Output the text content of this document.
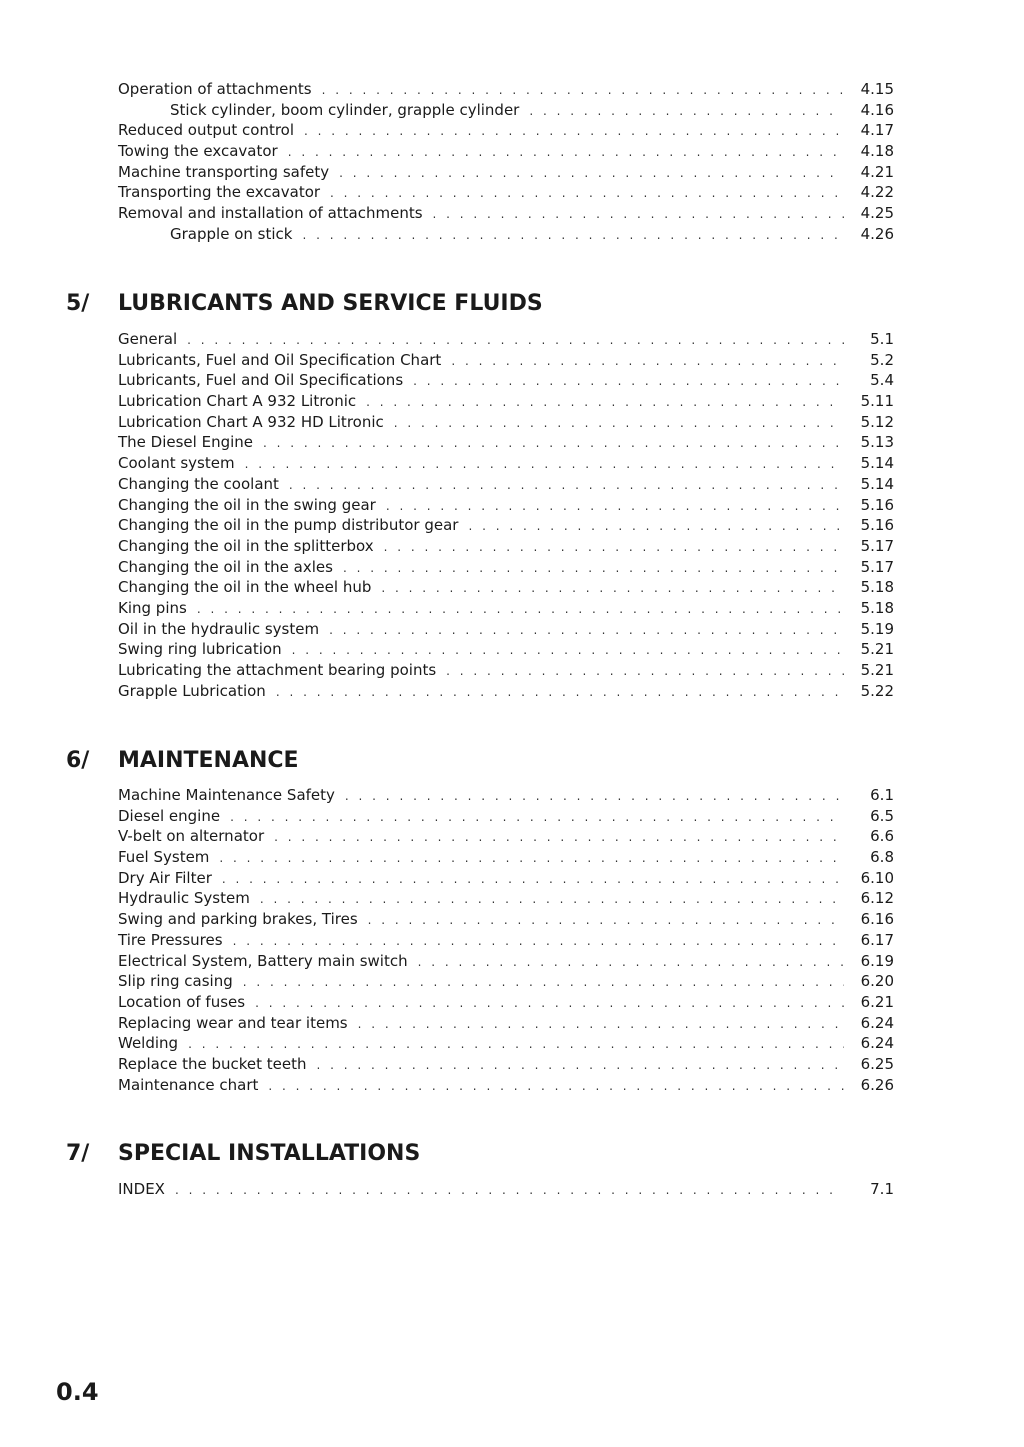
Operation of attachments . . .	4.15
Stick cylinder, boom cylinder, grapple cylinder . . .	4.16
Reduced output control . . .	4.17
Towing the excavator . . .	4.18
Machine transporting safety . . .	4.21
Transporting the excavator . . .	4.22
Removal and installation of attachments . . .	4.25
Grapple on stick . . .	4.26
5/	LUBRICANTS AND SERVICE FLUIDS
General . . .	5.1
Lubricants, Fuel and Oil Specification Chart . . .	5.2
Lubricants, Fuel and Oil Specifications . . .	5.4
Lubrication Chart A 932 Litronic . . .	5.11
Lubrication Chart A 932 HD Litronic . . .	5.12
The Diesel Engine . . .	5.13
Coolant system . . .	5.14
Changing the coolant . . .	5.14
Changing the oil in the swing gear . . .	5.16
Changing the oil in the pump distributor gear . . .	5.16
Changing the oil in the splitterbox . . .	5.17
Changing the oil in the axles . . .	5.17
Changing the oil in the wheel hub . . .	5.18
King pins . . .	5.18
Oil in the hydraulic system . . .	5.19
Swing ring lubrication . . .	5.21
Lubricating the attachment bearing points . . .	5.21
Grapple Lubrication . . .	5.22
6/	MAINTENANCE
Machine Maintenance Safety . . .	6.1
Diesel engine . . .	6.5
V-belt on alternator . . .	6.6
Fuel System . . .	6.8
Dry Air Filter . . .	6.10
Hydraulic System . . .	6.12
Swing and parking brakes, Tires . . .	6.16
Tire Pressures . . .	6.17
Electrical System, Battery main switch . . .	6.19
Slip ring casing . . .	6.20
Location of fuses . . .	6.21
Replacing wear and tear items . . .	6.24
Welding . . .	6.24
Replace the bucket teeth . . .	6.25
Maintenance chart . . .	6.26
7/	SPECIAL INSTALLATIONS
INDEX . . .	7.1
0.4
